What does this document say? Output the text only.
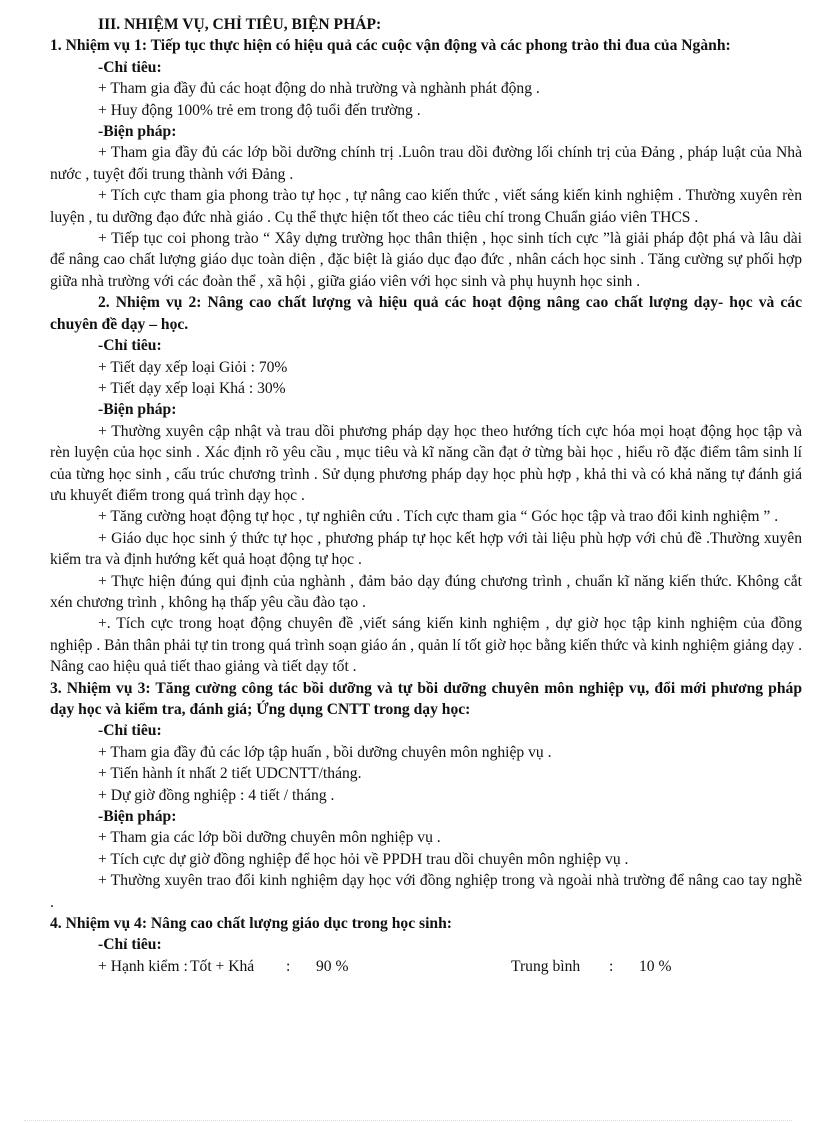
III. NHIỆM VỤ, CHỈ TIÊU, BIỆN PHÁP:
1. Nhiệm vụ 1: Tiếp tục thực hiện có hiệu quả các cuộc vận động và các phong trào thi đua của Ngành:
-Chỉ tiêu:
+ Tham gia đầy đủ các hoạt động do nhà trường và nghành phát động .
+ Huy động 100% trẻ em trong độ tuổi đến trường .
-Biện pháp:
+ Tham gia đầy đủ các lớp bồi dưỡng chính trị .Luôn trau dồi đường lối chính trị của Đảng , pháp luật của Nhà nước , tuyệt đối trung thành với Đảng .
+ Tích cực tham gia phong trào tự học , tự nâng cao kiến thức , viết sáng kiến kinh nghiệm . Thường xuyên rèn luyện , tu dưỡng đạo đức nhà giáo . Cụ thể thực hiện tốt theo các tiêu chí trong Chuẩn giáo viên THCS .
+ Tiếp tục coi phong trào “ Xây dựng trường học thân thiện , học sinh tích cực ”là giải pháp đột phá và lâu dài để nâng cao chất lượng giáo dục toàn diện , đặc biệt là giáo dục đạo đức , nhân cách học sinh . Tăng cường sự phối hợp giữa nhà trường với các đoàn thể , xã hội , giữa giáo viên với học sinh và phụ huynh học sinh .
2. Nhiệm vụ 2: Nâng cao chất lượng và hiệu quả các hoạt động nâng cao chất lượng dạy- học và các chuyên đề dạy – học.
-Chỉ tiêu:
+ Tiết dạy xếp loại Giỏi : 70%
+ Tiết dạy xếp loại Khá : 30%
-Biện pháp:
+ Thường xuyên cập nhật và trau dồi phương pháp dạy học theo hướng tích cực hóa mọi hoạt động học tập và rèn luyện của học sinh . Xác định rõ yêu cầu , mục tiêu và kĩ năng cần đạt ở từng bài học , hiểu rõ đặc điểm tâm sinh lí của từng học sinh , cấu trúc chương trình . Sử dụng phương pháp dạy học phù hợp , khả thi và có khả năng tự đánh giá ưu khuyết điểm trong quá trình dạy học .
+ Tăng cường hoạt động tự học , tự nghiên cứu . Tích cực tham gia “ Góc học tập và trao đổi kinh nghiệm ” .
+ Giáo dục học sinh ý thức tự học , phương pháp tự học kết hợp với tài liệu phù hợp với chủ đề .Thường xuyên kiểm tra và định hướng kết quả hoạt động tự học .
+ Thực hiện đúng qui định của nghành , đảm bảo dạy đúng chương trình , chuẩn kĩ năng kiến thức. Không cắt xén chương trình , không hạ thấp yêu cầu đào tạo .
+. Tích cực trong hoạt động chuyên đề ,viết sáng kiến kinh nghiệm , dự giờ học tập kinh nghiệm của đồng nghiệp . Bản thân phải tự tin trong quá trình soạn giáo án , quản lí tốt giờ học bằng kiến thức và kinh nghiệm giảng dạy . Nâng cao hiệu quả tiết thao giảng và tiết dạy tốt .
3. Nhiệm vụ 3: Tăng cường công tác bồi dưỡng và tự bồi dưỡng chuyên môn nghiệp vụ, đổi mới phương pháp dạy học và kiểm tra, đánh giá; Ứng dụng CNTT trong dạy học:
-Chỉ tiêu:
+ Tham gia đầy đủ các lớp tập huấn , bồi dưỡng chuyên môn nghiệp vụ .
+ Tiến hành ít nhất 2 tiết UDCNTT/tháng.
+ Dự giờ đồng nghiệp : 4 tiết / tháng .
-Biện pháp:
+ Tham gia các lớp bồi dưỡng chuyên môn nghiệp vụ .
+ Tích cực dự giờ đồng nghiệp để học hỏi về PPDH trau dồi chuyên môn nghiệp vụ .
+ Thường xuyên trao đổi kinh nghiệm dạy học với đồng nghiệp trong và ngoài nhà trường để nâng cao tay nghề .
4. Nhiệm vụ 4: Nâng cao chất lượng giáo dục trong học sinh:
-Chỉ tiêu:
+ Hạnh kiểm : Tốt + Khá	:	90 %	Trung bình	:	10 %
